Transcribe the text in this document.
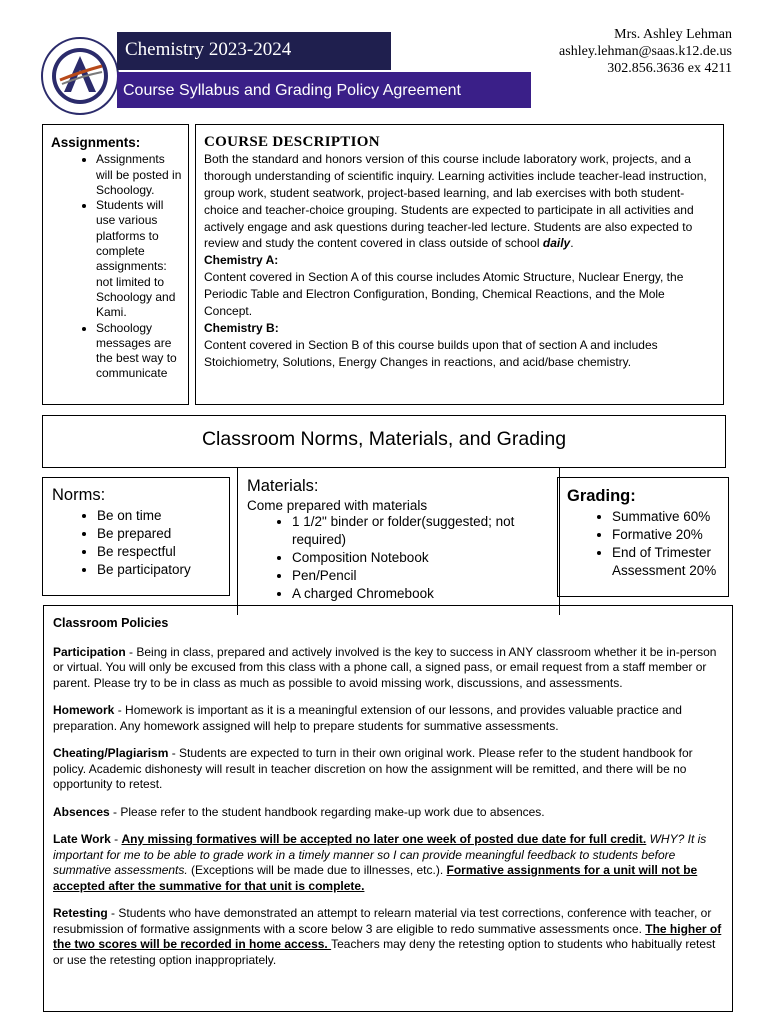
Chemistry 2023-2024
Course Syllabus and Grading Policy Agreement
Mrs. Ashley Lehman
ashley.lehman@saas.k12.de.us
302.856.3636 ex 4211
Assignments:
• Assignments will be posted in Schoology.
• Students will use various platforms to complete assignments: not limited to Schoology and Kami.
• Schoology messages are the best way to communicate
COURSE DESCRIPTION

Both the standard and honors version of this course include laboratory work, projects, and a thorough understanding of scientific inquiry. Learning activities include teacher-lead instruction, group work, student seatwork, project-based learning, and lab exercises with both student-choice and teacher-choice grouping. Students are expected to participate in all activities and actively engage and ask questions during teacher-led lecture. Students are also expected to review and study the content covered in class outside of school daily.

Chemistry A:

Content covered in Section A of this course includes Atomic Structure, Nuclear Energy, the Periodic Table and Electron Configuration, Bonding, Chemical Reactions, and the Mole Concept.

Chemistry B:

Content covered in Section B of this course builds upon that of section A and includes Stoichiometry, Solutions, Energy Changes in reactions, and acid/base chemistry.

Classroom Norms, Materials, and Grading
Norms:
• Be on time
• Be prepared
• Be respectful
• Be participatory
Materials:
Come prepared with materials
• 1 1/2" binder or folder(suggested; not required)
• Composition Notebook
• Pen/Pencil
• A charged Chromebook
Grading:
• Summative 60%
• Formative 20%
• End of Trimester Assessment 20%
Classroom Policies

Participation - Being in class, prepared and actively involved is the key to success in ANY classroom whether it be in-person or virtual. You will only be excused from this class with a phone call, a signed pass, or email request from a staff member or parent. Please try to be in class as much as possible to avoid missing work, discussions, and assessments.

Homework - Homework is important as it is a meaningful extension of our lessons, and provides valuable practice and preparation. Any homework assigned will help to prepare students for summative assessments.

Cheating/Plagiarism - Students are expected to turn in their own original work. Please refer to the student handbook for policy. Academic dishonesty will result in teacher discretion on how the assignment will be remitted, and there will be no opportunity to retest.

Absences - Please refer to the student handbook regarding make-up work due to absences.

Late Work - Any missing formatives will be accepted no later one week of posted due date for full credit. WHY? It is important for me to be able to grade work in a timely manner so I can provide meaningful feedback to students before summative assessments. (Exceptions will be made due to illnesses, etc.). Formative assignments for a unit will not be accepted after the summative for that unit is complete.

Retesting - Students who have demonstrated an attempt to relearn material via test corrections, conference with teacher, or resubmission of formative assignments with a score below 3 are eligible to redo summative assessments once. The higher of the two scores will be recorded in home access. Teachers may deny the retesting option to students who habitually retest or use the retesting option inappropriately.
